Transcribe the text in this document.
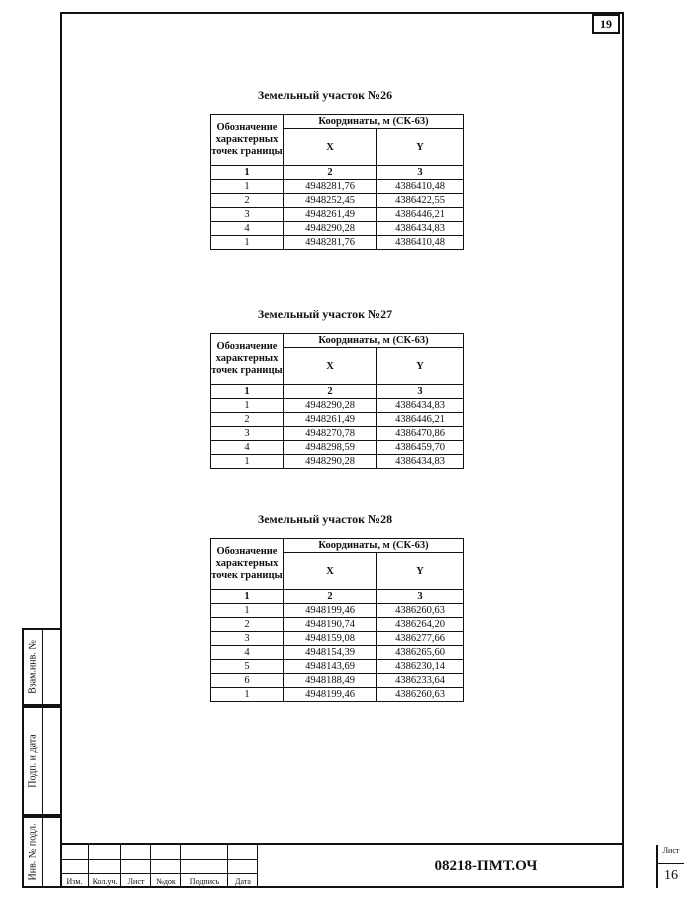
19
Земельный участок №26
Обозначение характерных точек границы	Координаты, м (СК-63)	
	X	Y
1	2	3
1	4948281,76	4386410,48
2	4948252,45	4386422,55
3	4948261,49	4386446,21
4	4948290,28	4386434,83
1	4948281,76	4386410,48
Земельный участок №27
Обозначение характерных точек границы	Координаты, м (СК-63)	
	X	Y
1	2	3
1	4948290,28	4386434,83
2	4948261,49	4386446,21
3	4948270,78	4386470,86
4	4948298,59	4386459,70
1	4948290,28	4386434,83
Земельный участок №28
Обозначение характерных точек границы	Координаты, м (СК-63)	
	X	Y
1	2	3
1	4948199,46	4386260,63
2	4948190,74	4386264,20
3	4948159,08	4386277,66
4	4948154,39	4386265,60
5	4948143,69	4386230,14
6	4948188,49	4386233,64
1	4948199,46	4386260,63
Взам.инв. №
Подп. и дата
Инв. № подл.
Изм.	Кол.уч.	Лист	№док	Подпись	Дата
08218-ПМТ.ОЧ
Лист
16
